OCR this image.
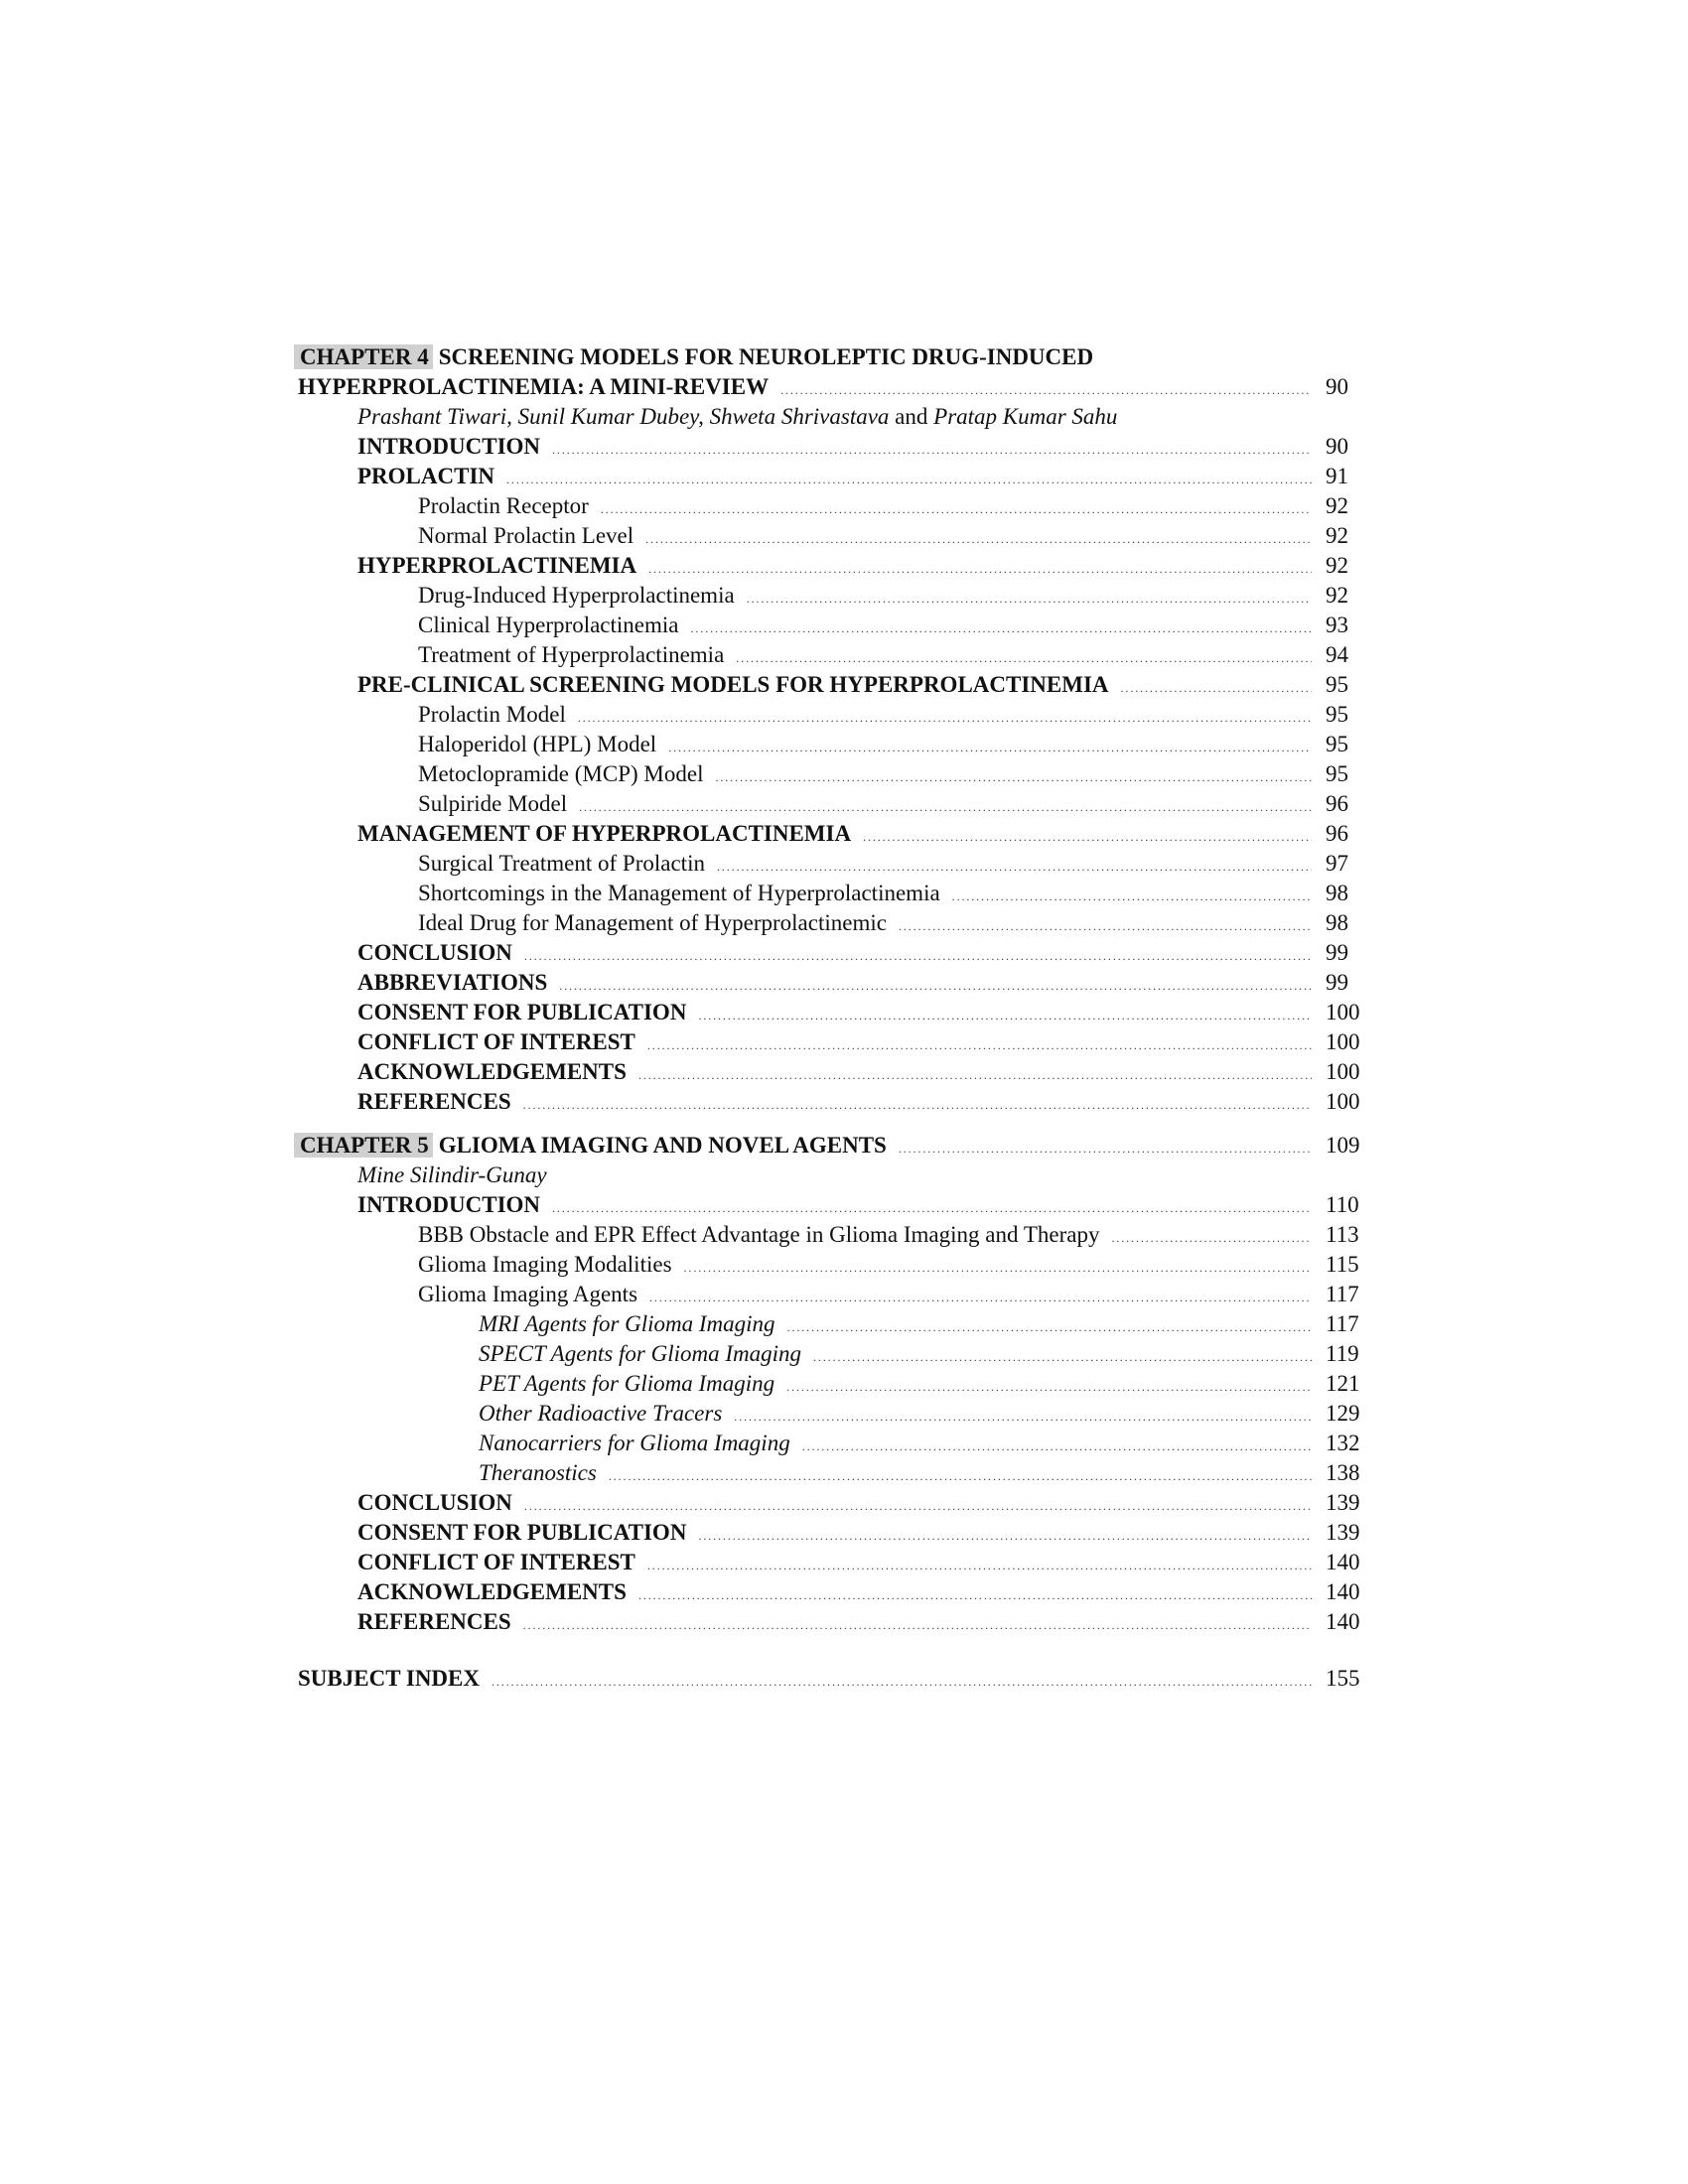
CHAPTER 4 SCREENING MODELS FOR NEUROLEPTIC DRUG-INDUCED
HYPERPROLACTINEMIA: A MINI-REVIEW .....	90
Prashant Tiwari, Sunil Kumar Dubey, Shweta Shrivastava and Pratap Kumar Sahu
INTRODUCTION .....	90
PROLACTIN .....	91
Prolactin Receptor .....	92
Normal Prolactin Level .....	92
HYPERPROLACTINEMIA .....	92
Drug-Induced Hyperprolactinemia .....	92
Clinical Hyperprolactinemia .....	93
Treatment of Hyperprolactinemia .....	94
PRE-CLINICAL SCREENING MODELS FOR HYPERPROLACTINEMIA .....	95
Prolactin Model .....	95
Haloperidol (HPL) Model .....	95
Metoclopramide (MCP) Model .....	95
Sulpiride Model .....	96
MANAGEMENT OF HYPERPROLACTINEMIA .....	96
Surgical Treatment of Prolactin .....	97
Shortcomings in the Management of Hyperprolactinemia .....	98
Ideal Drug for Management of Hyperprolactinemic .....	98
CONCLUSION .....	99
ABBREVIATIONS .....	99
CONSENT FOR PUBLICATION .....	100
CONFLICT OF INTEREST .....	100
ACKNOWLEDGEMENTS .....	100
REFERENCES .....	100
CHAPTER 5 GLIOMA IMAGING AND NOVEL AGENTS .....	109
Mine Silindir-Gunay
INTRODUCTION .....	110
BBB Obstacle and EPR Effect Advantage in Glioma Imaging and Therapy .....	113
Glioma Imaging Modalities .....	115
Glioma Imaging Agents .....	117
MRI Agents for Glioma Imaging .....	117
SPECT Agents for Glioma Imaging .....	119
PET Agents for Glioma Imaging .....	121
Other Radioactive Tracers .....	129
Nanocarriers for Glioma Imaging .....	132
Theranostics .....	138
CONCLUSION .....	139
CONSENT FOR PUBLICATION .....	139
CONFLICT OF INTEREST .....	140
ACKNOWLEDGEMENTS .....	140
REFERENCES .....	140
SUBJECT INDEX .....	155
